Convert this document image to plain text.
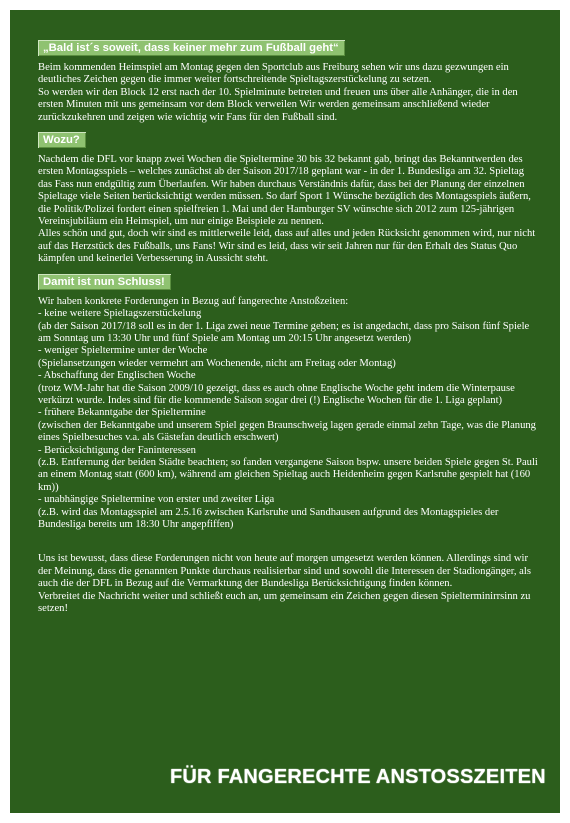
„Bald ist´s soweit, dass keiner mehr zum Fußball geht“
Beim kommenden Heimspiel am Montag gegen den Sportclub aus Freiburg sehen wir uns dazu gezwungen ein deutliches Zeichen gegen die immer weiter fortschreitende Spieltagszerstückelung zu setzen.
So werden wir den Block 12 erst nach der 10. Spielminute betreten und freuen uns über alle Anhänger, die in den ersten Minuten mit uns gemeinsam vor dem Block verweilen Wir werden gemeinsam anschließend wieder zurückzukehren und zeigen wie wichtig wir Fans für den Fußball sind.
Wozu?
Nachdem die DFL vor knapp zwei Wochen die Spieltermine 30 bis 32 bekannt gab, bringt das Bekanntwerden des ersten Montagsspiels – welches zunächst ab der Saison 2017/18 geplant war - in der 1. Bundesliga am 32. Spieltag das Fass nun endgültig zum Überlaufen. Wir haben durchaus Verständnis dafür, dass bei der Planung der einzelnen Spieltage viele Seiten berücksichtigt werden müssen. So darf Sport 1 Wünsche bezüglich des Montagsspiels äußern, die Politik/Polizei fordert einen spielfreien 1. Mai und der Hamburger SV wünschte sich 2012 zum 125-jährigen Vereinsjubiläum ein Heimspiel, um nur einige Beispiele zu nennen.
Alles schön und gut, doch wir sind es mittlerweile leid, dass auf alles und jeden Rücksicht genommen wird, nur nicht auf das Herzstück des Fußballs, uns Fans! Wir sind es leid, dass wir seit Jahren nur für den Erhalt des Status Quo kämpfen und keinerlei Verbesserung in Aussicht steht.
Damit ist nun Schluss!
Wir haben konkrete Forderungen in Bezug auf fangerechte Anstoßzeiten:
- keine weitere Spieltagszerstückelung
(ab der Saison 2017/18 soll es in der 1. Liga zwei neue Termine geben; es ist angedacht, dass pro Saison fünf Spiele am Sonntag um 13:30 Uhr und fünf Spiele am Montag um 20:15 Uhr angesetzt werden)
- weniger Spieltermine unter der Woche
(Spielansetzungen wieder vermehrt am Wochenende, nicht am Freitag oder Montag)
- Abschaffung der Englischen Woche
(trotz WM-Jahr hat die Saison 2009/10 gezeigt, dass es auch ohne Englische Woche geht indem die Winterpause verkürzt wurde. Indes sind für die kommende Saison sogar drei (!) Englische Wochen für die 1. Liga geplant)
- frühere Bekanntgabe der Spieltermine
(zwischen der Bekanntgabe und unserem Spiel gegen Braunschweig lagen gerade einmal zehn Tage, was die Planung eines Spielbesuches v.a. als Gästefan deutlich erschwert)
- Berücksichtigung der Faninteressen
(z.B. Entfernung der beiden Städte beachten; so fanden vergangene Saison bspw. unsere beiden Spiele gegen St. Pauli an einem Montag statt (600 km), während am gleichen Spieltag auch Heidenheim gegen Karlsruhe gespielt hat (160 km))
- unabhängige Spieltermine von erster und zweiter Liga
(z.B. wird das Montagsspiel am 2.5.16 zwischen Karlsruhe und Sandhausen aufgrund des Montagspieles der Bundesliga bereits um 18:30 Uhr angepfiffen)
Uns ist bewusst, dass diese Forderungen nicht von heute auf morgen umgesetzt werden können. Allerdings sind wir der Meinung, dass die genannten Punkte durchaus realisierbar sind und sowohl die Interessen der Stadiongänger, als auch die der DFL in Bezug auf die Vermarktung der Bundesliga Berücksichtigung finden können.
Verbreitet die Nachricht weiter und schließt euch an, um gemeinsam ein Zeichen gegen diesen Spielterminirrsinn zu setzen!
FÜR FANGERECHTE ANSTOSSZEITEN
